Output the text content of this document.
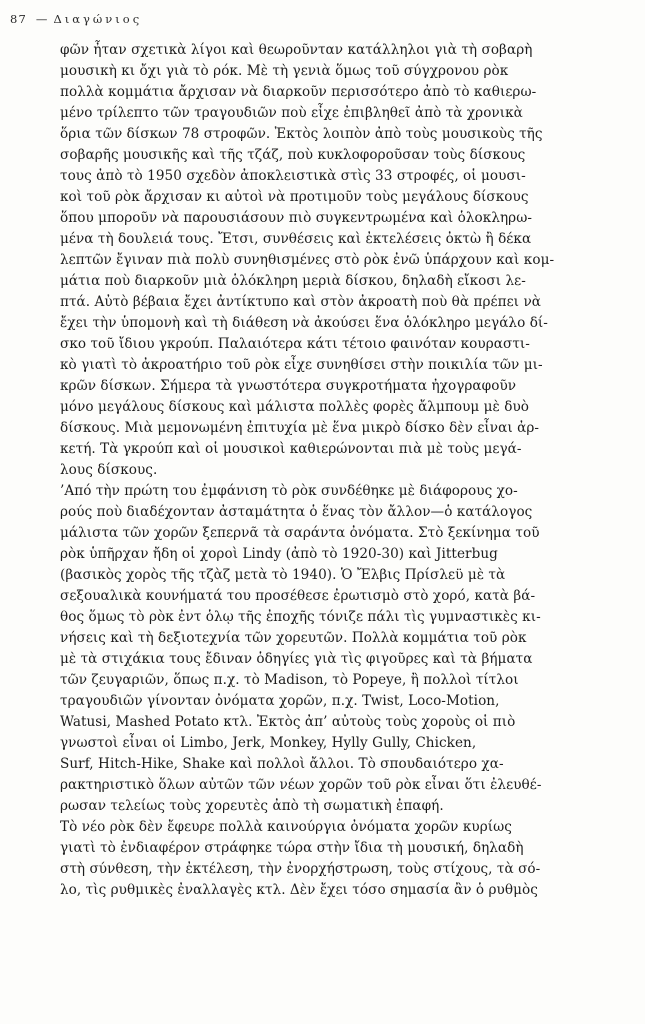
87 — Διαγώνιος

φῶν ἦταν σχετικὰ λίγοι καὶ θεωροῦνταν κατάλληλοι γιὰ τὴ σοβαρὴ
μουσικὴ κι ὄχι γιὰ τὸ ρόκ. Μὲ τὴ γενιὰ ὅμως τοῦ σύγχρονου ρὸκ
πολλὰ κομμάτια ἄρχισαν νὰ διαρκοῦν περισσότερο ἀπὸ τὸ καθιερω-
μένο τρίλεπτο τῶν τραγουδιῶν ποὺ εἶχε ἐπιβληθεῖ ἀπὸ τὰ χρονικὰ
ὅρια τῶν δίσκων 78 στροφῶν. Ἐκτὸς λοιπὸν ἀπὸ τοὺς μουσικοὺς τῆς
σοβαρῆς μουσικῆς καὶ τῆς τζάζ, ποὺ κυκλοφοροῦσαν τοὺς δίσκους
τους ἀπὸ τὸ 1950 σχεδὸν ἀποκλειστικὰ στὶς 33 στροφές, οἱ μουσι-
κοὶ τοῦ ρὸκ ἄρχισαν κι αὐτοὶ νὰ προτιμοῦν τοὺς μεγάλους δίσκους
ὅπου μποροῦν νὰ παρουσιάσουν πιὸ συγκεντρωμένα καὶ ὁλοκληρω-
μένα τὴ δουλειά τους. Ἔτσι, συνθέσεις καὶ ἐκτελέσεις ὀκτὼ ἢ δέκα
λεπτῶν ἔγιναν πιὰ πολὺ συνηθισμένες στὸ ρὸκ ἐνῶ ὑπάρχουν καὶ κομ-
μάτια ποὺ διαρκοῦν μιὰ ὁλόκληρη μεριὰ δίσκου, δηλαδὴ εἴκοσι λε-
πτά. Αὐτὸ βέβαια ἔχει ἀντίκτυπο καὶ στὸν ἀκροατὴ ποὺ θὰ πρέπει νὰ
ἔχει τὴν ὑπομονὴ καὶ τὴ διάθεση νὰ ἀκούσει ἕνα ὁλόκληρο μεγάλο δί-
σκο τοῦ ἴδιου γκρούπ. Παλαιότερα κάτι τέτοιο φαινόταν κουραστι-
κὸ γιατὶ τὸ ἀκροατήριο τοῦ ρὸκ εἶχε συνηθίσει στὴν ποικιλία τῶν μι-
κρῶν δίσκων. Σήμερα τὰ γνωστότερα συγκροτήματα ἠχογραφοῦν
μόνο μεγάλους δίσκους καὶ μάλιστα πολλὲς φορὲς ἄλμπουμ μὲ δυὸ
δίσκους. Μιὰ μεμονωμένη ἐπιτυχία μὲ ἕνα μικρὸ δίσκο δὲν εἶναι ἀρ-
κετή. Τὰ γκρούπ καὶ οἱ μουσικοὶ καθιερώνονται πιὰ μὲ τοὺς μεγά-
λους δίσκους.

’Από τὴν πρώτη του ἐμφάνιση τὸ ρὸκ συνδέθηκε μὲ διάφορους χο-
ρούς ποὺ διαδέχονταν ἀσταμάτητα ὁ ἕνας τὸν ἄλλον—ὁ κατάλογος
μάλιστα τῶν χορῶν ξεπερνᾶ τὰ σαράντα ὀνόματα. Στὸ ξεκίνημα τοῦ
ρὸκ ὑπῆρχαν ἤδη οἱ χοροὶ Lindy (ἀπὸ τὸ 1920-30) καὶ Jitterbug
(βασικὸς χορὸς τῆς τζὰζ μετὰ τὸ 1940). Ὁ Ἔλβις Πρίσλεϋ μὲ τὰ
σεξουαλικὰ κουνήματά του προσέθεσε ἐρωτισμὸ στὸ χορό, κατὰ βά-
θος ὅμως τὸ ρὸκ ἐντ ὁλῳ τῆς ἐποχῆς τόνιζε πάλι τὶς γυμναστικὲς κι-
νήσεις καὶ τὴ δεξιοτεχνία τῶν χορευτῶν. Πολλὰ κομμάτια τοῦ ρὸκ
μὲ τὰ στιχάκια τους ἔδιναν ὁδηγίες γιὰ τὶς φιγοῦρες καὶ τὰ βήματα
τῶν ζευγαριῶν, ὅπως π.χ. τὸ Madison, τὸ Popeye, ἢ πολλοὶ τίτλοι
τραγουδιῶν γίνονταν ὀνόματα χορῶν, π.χ. Twist, Loco-Motion,
Watusi, Mashed Potato κτλ. Ἐκτὸς ἀπ’ αὐτοὺς τοὺς χοροὺς οἱ πιὸ
γνωστοὶ εἶναι οἱ Limbo, Jerk, Monkey, Hylly Gully, Chicken,
Surf, Hitch-Hike, Shake καὶ πολλοὶ ἄλλοι. Τὸ σπουδαιότερο χα-
ρακτηριστικὸ ὅλων αὐτῶν τῶν νέων χορῶν τοῦ ρὸκ εἶναι ὅτι ἐλευθέ-
ρωσαν τελείως τοὺς χορευτὲς ἀπὸ τὴ σωματικὴ ἐπαφή.

Τὸ νέο ρὸκ δὲν ἔφευρε πολλὰ καινούργια ὀνόματα χορῶν κυρίως
γιατὶ τὸ ἐνδιαφέρον στράφηκε τώρα στὴν ἴδια τὴ μουσική, δηλαδὴ
στὴ σύνθεση, τὴν ἐκτέλεση, τὴν ἐνορχήστρωση, τοὺς στίχους, τὰ σό-
λο, τὶς ρυθμικὲς ἐναλλαγὲς κτλ. Δὲν ἔχει τόσο σημασία ἂν ὁ ρυθμὸς
